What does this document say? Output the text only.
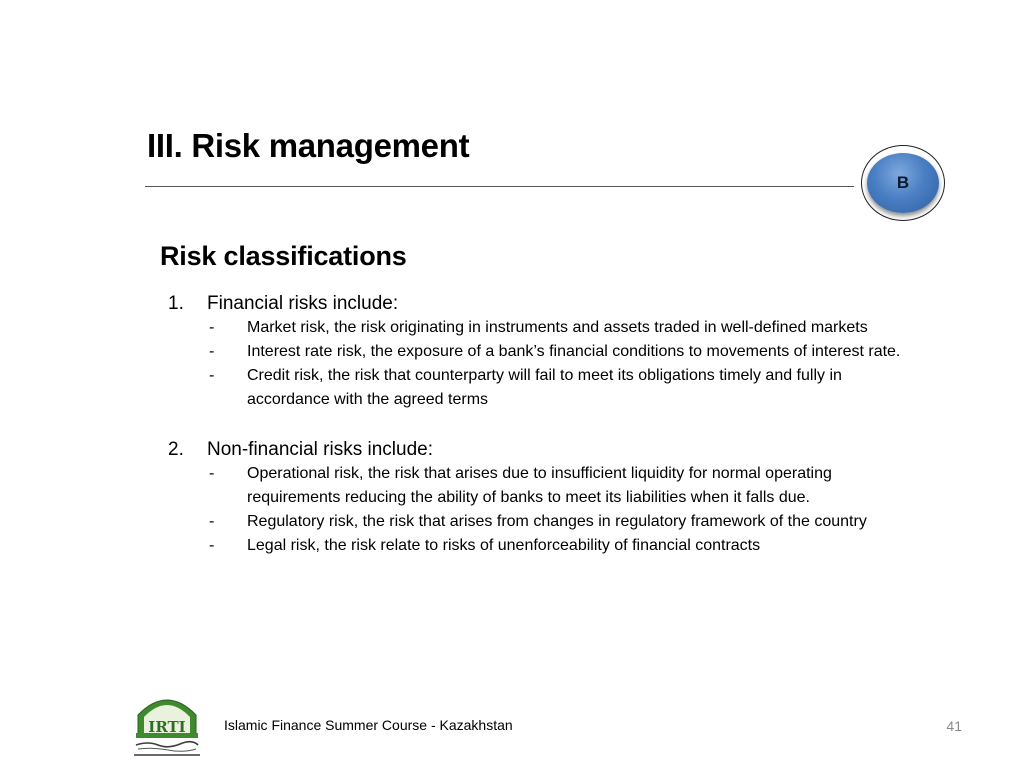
III. Risk management
B
Risk classifications
1.	Financial risks include:
-	Market risk, the risk originating in instruments and assets traded in well-defined markets
-	Interest rate risk, the exposure of a bank’s financial conditions to movements of interest rate.
-	Credit risk, the risk that counterparty will fail to meet its obligations timely and fully in accordance with the agreed terms
2.	Non-financial risks include:
-	Operational risk, the risk that arises due to insufficient liquidity for normal operating requirements reducing the ability of banks to meet its liabilities when it falls due.
-	Regulatory risk, the risk that arises from changes in regulatory framework of the country
-	Legal risk, the risk relate to risks of unenforceability of financial contracts
IRTI	Islamic Finance Summer Course - Kazakhstan	41
